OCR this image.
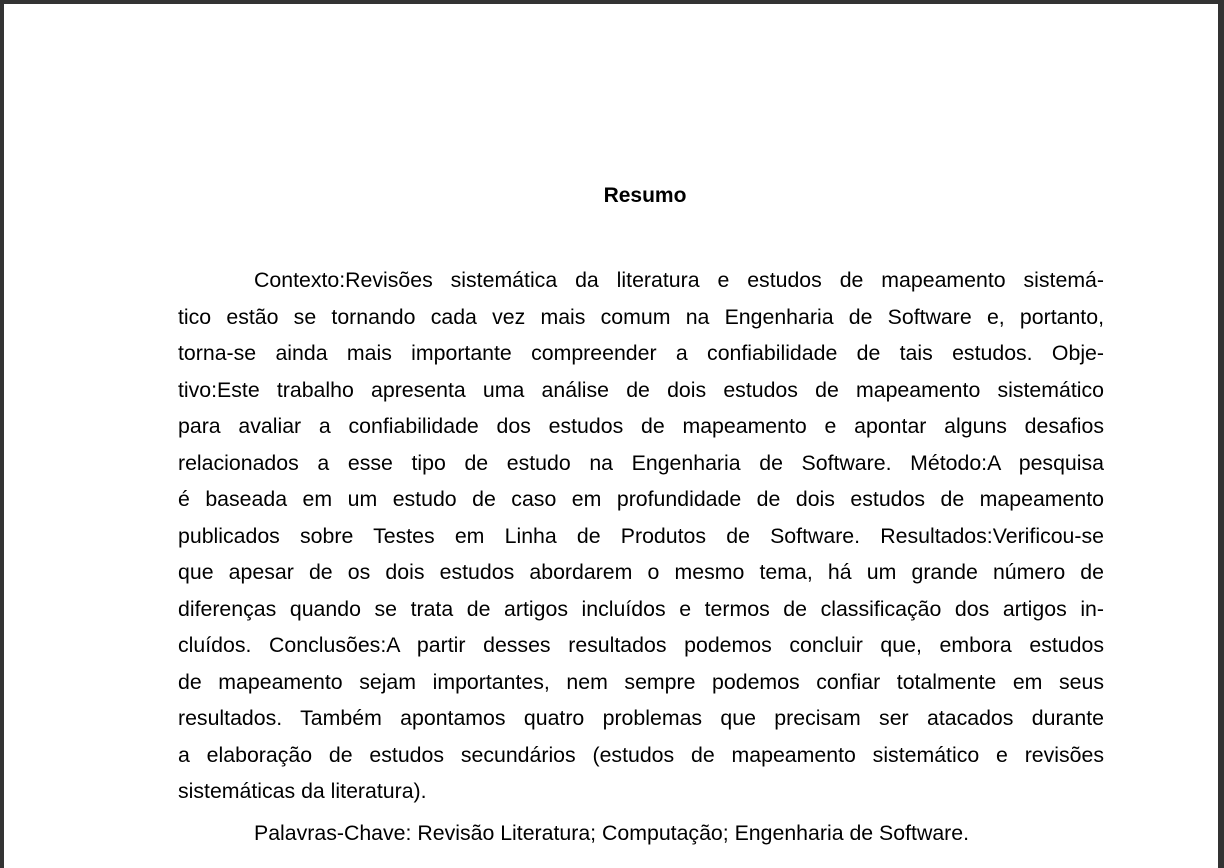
Resumo
Contexto:Revisões sistemática da literatura e estudos de mapeamento sistemá-
tico estão se tornando cada vez mais comum na Engenharia de Software e, portanto,
torna-se ainda mais importante compreender a confiabilidade de tais estudos. Obje-
tivo:Este trabalho apresenta uma análise de dois estudos de mapeamento sistemático
para avaliar a confiabilidade dos estudos de mapeamento e apontar alguns desafios
relacionados a esse tipo de estudo na Engenharia de Software. Método:A pesquisa
é baseada em um estudo de caso em profundidade de dois estudos de mapeamento
publicados sobre Testes em Linha de Produtos de Software. Resultados:Verificou-se
que apesar de os dois estudos abordarem o mesmo tema, há um grande número de
diferenças quando se trata de artigos incluídos e termos de classificação dos artigos in-
cluídos. Conclusões:A partir desses resultados podemos concluir que, embora estudos
de mapeamento sejam importantes, nem sempre podemos confiar totalmente em seus
resultados. Também apontamos quatro problemas que precisam ser atacados durante
a elaboração de estudos secundários (estudos de mapeamento sistemático e revisões
sistemáticas da literatura).
Palavras-Chave: Revisão Literatura; Computação; Engenharia de Software.
